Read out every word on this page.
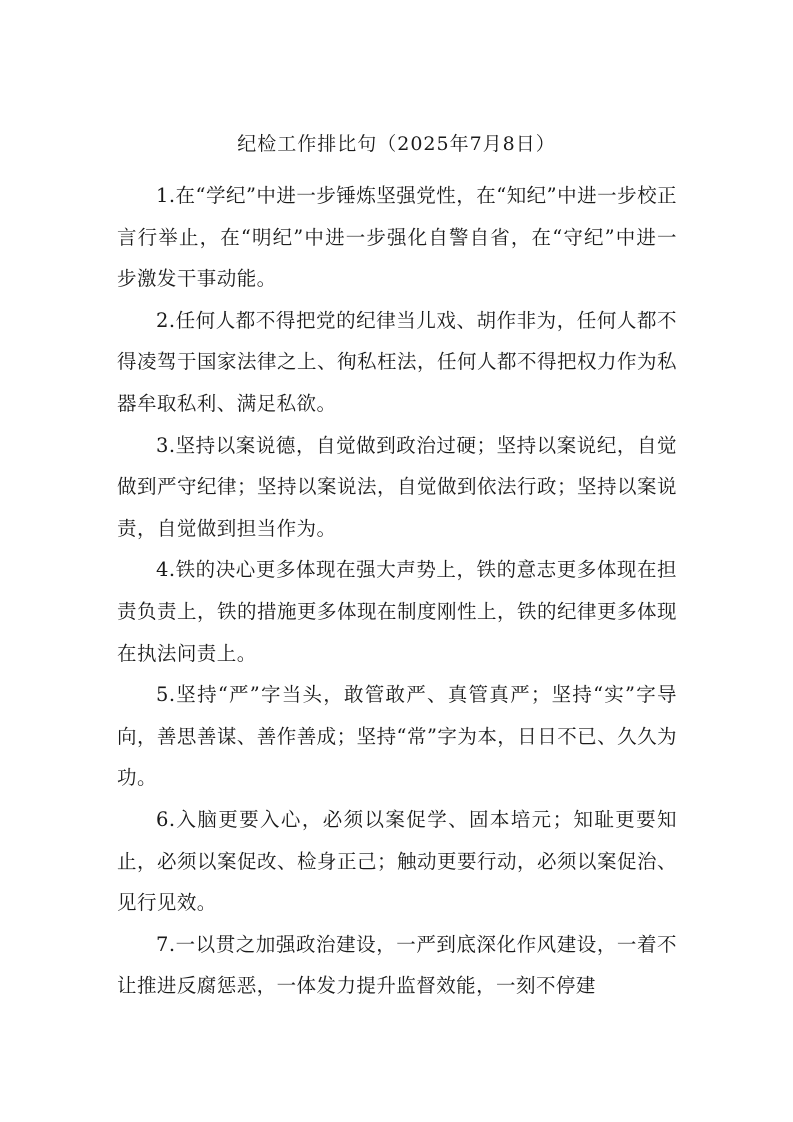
纪检工作排比句（2025年7月8日）

1.在“学纪”中进一步锤炼坚强党性，在“知纪”中进一步校正言行举止，在“明纪”中进一步强化自警自省，在“守纪”中进一步激发干事动能。

2.任何人都不得把党的纪律当儿戏、胡作非为，任何人都不得凌驾于国家法律之上、徇私枉法，任何人都不得把权力作为私器牟取私利、满足私欲。

3.坚持以案说德，自觉做到政治过硬；坚持以案说纪，自觉做到严守纪律；坚持以案说法，自觉做到依法行政；坚持以案说责，自觉做到担当作为。

4.铁的决心更多体现在强大声势上，铁的意志更多体现在担责负责上，铁的措施更多体现在制度刚性上，铁的纪律更多体现在执法问责上。

5.坚持“严”字当头，敢管敢严、真管真严；坚持“实”字导向，善思善谋、善作善成；坚持“常”字为本，日日不已、久久为功。

6.入脑更要入心，必须以案促学、固本培元；知耻更要知止，必须以案促改、检身正己；触动更要行动，必须以案促治、见行见效。

7.一以贯之加强政治建设，一严到底深化作风建设，一着不让推进反腐惩恶，一体发力提升监督效能，一刻不停建
